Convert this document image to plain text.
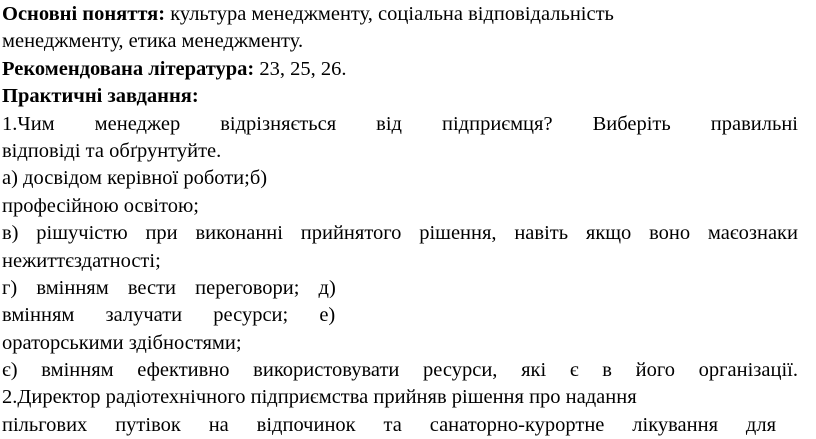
Основні поняття: культура менеджменту, соціальна відповідальність
менеджменту, етика менеджменту.
Рекомендована література: 23, 25, 26.
Практичні завдання:
1.Чим менеджер відрізняється від підприємця? Виберіть правильні
відповіді та обґрунтуйте.
а) досвідом керівної роботи;б)
професійною освітою;
в) рішучістю при виконанні прийнятого рішення, навіть якщо воно маєознаки
нежиттєздатності;
г) вмінням вести переговори; д)
вмінням залучати ресурси; е)
ораторськими здібностями;
є) вмінням ефективно використовувати ресурси, які є в його організації.
2.Директор радіотехнічного підприємства прийняв рішення про надання
пільгових путівок на відпочинок та санаторно-курортне лікування для
